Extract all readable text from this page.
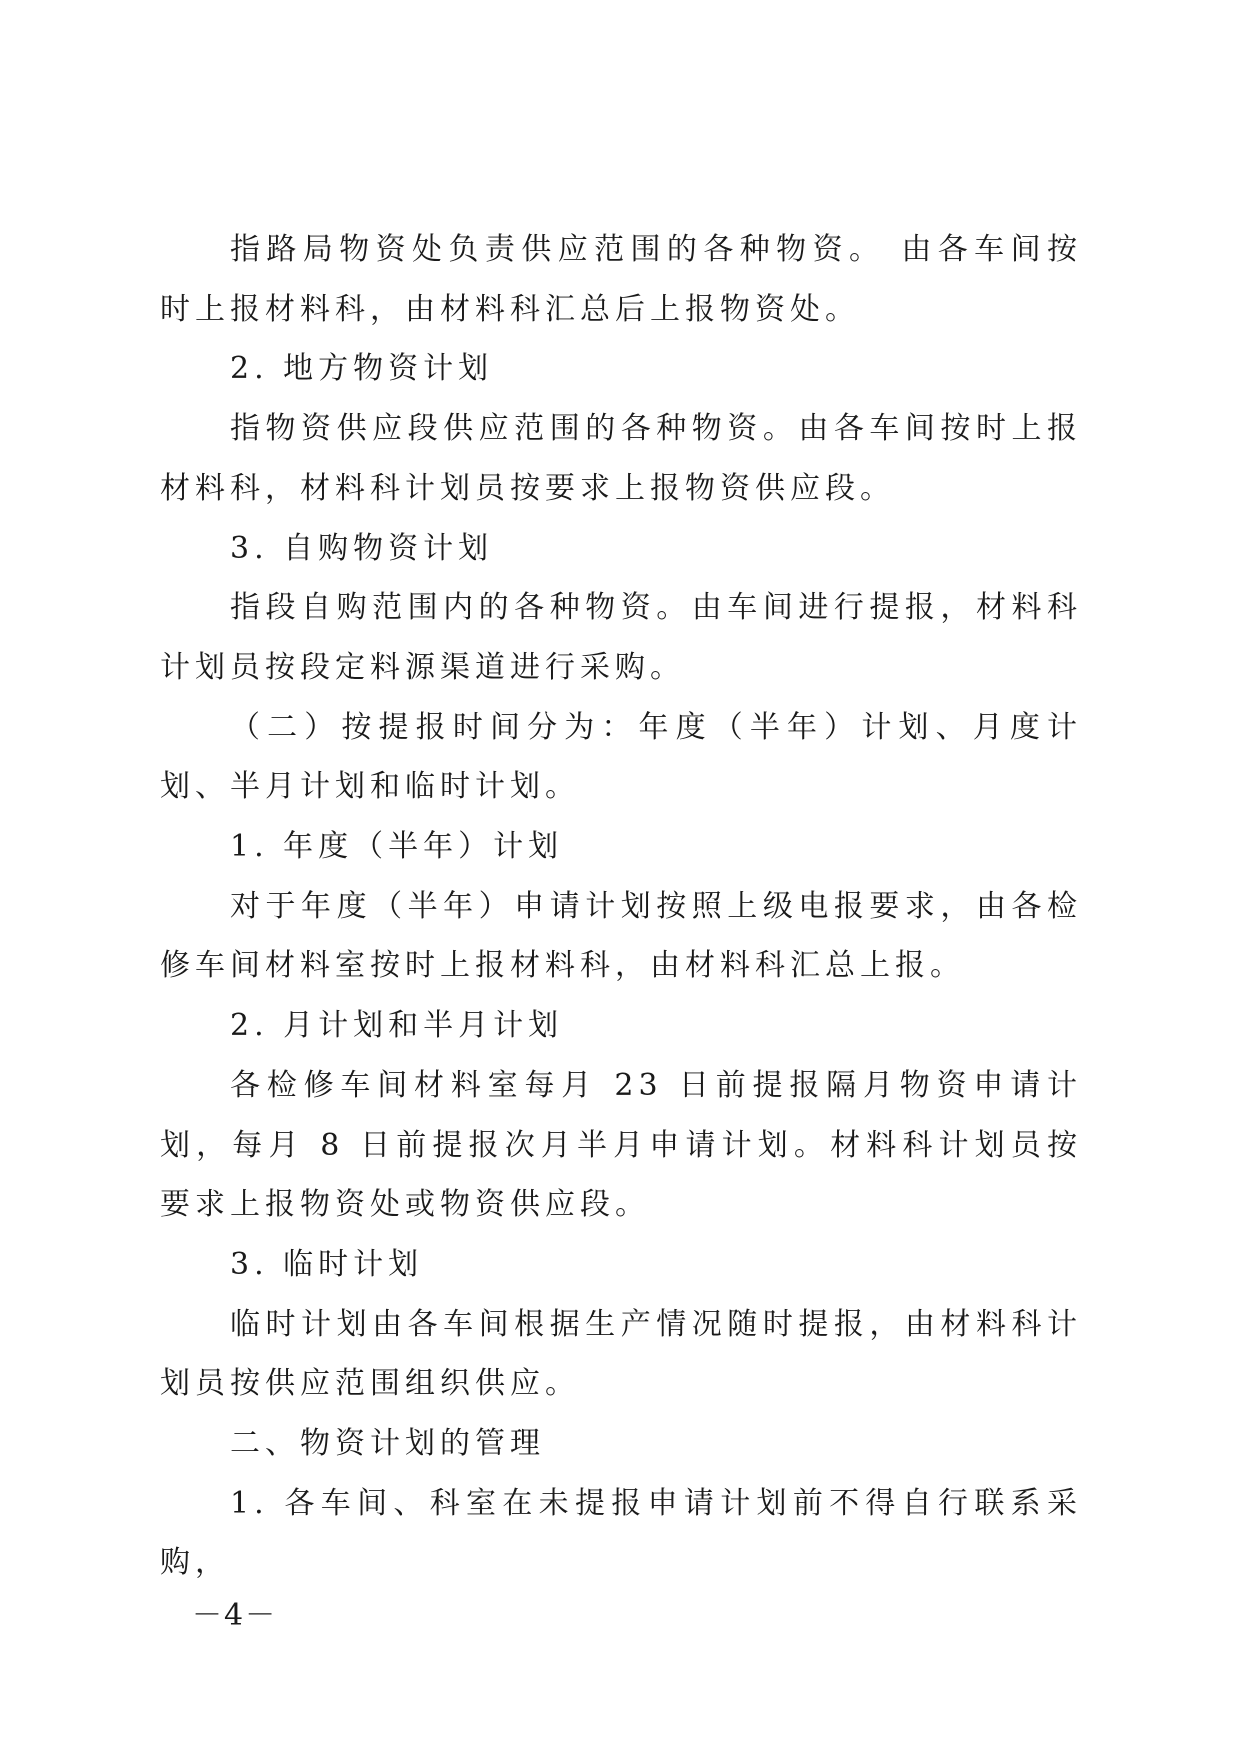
指路局物资处负责供应范围的各种物资。 由各车间按时上报材料科，由材料科汇总后上报物资处。

2. 地方物资计划

指物资供应段供应范围的各种物资。由各车间按时上报材料科，材料科计划员按要求上报物资供应段。

3. 自购物资计划

指段自购范围内的各种物资。由车间进行提报，材料科计划员按段定料源渠道进行采购。

（二）按提报时间分为：年度（半年）计划、月度计划、半月计划和临时计划。

1. 年度（半年）计划

对于年度（半年）申请计划按照上级电报要求，由各检修车间材料室按时上报材料科，由材料科汇总上报。

2. 月计划和半月计划

各检修车间材料室每月 23 日前提报隔月物资申请计划，每月 8 日前提报次月半月申请计划。材料科计划员按要求上报物资处或物资供应段。

3. 临时计划

临时计划由各车间根据生产情况随时提报，由材料科计划员按供应范围组织供应。

二、物资计划的管理

1. 各车间、科室在未提报申请计划前不得自行联系采购，

－4－
